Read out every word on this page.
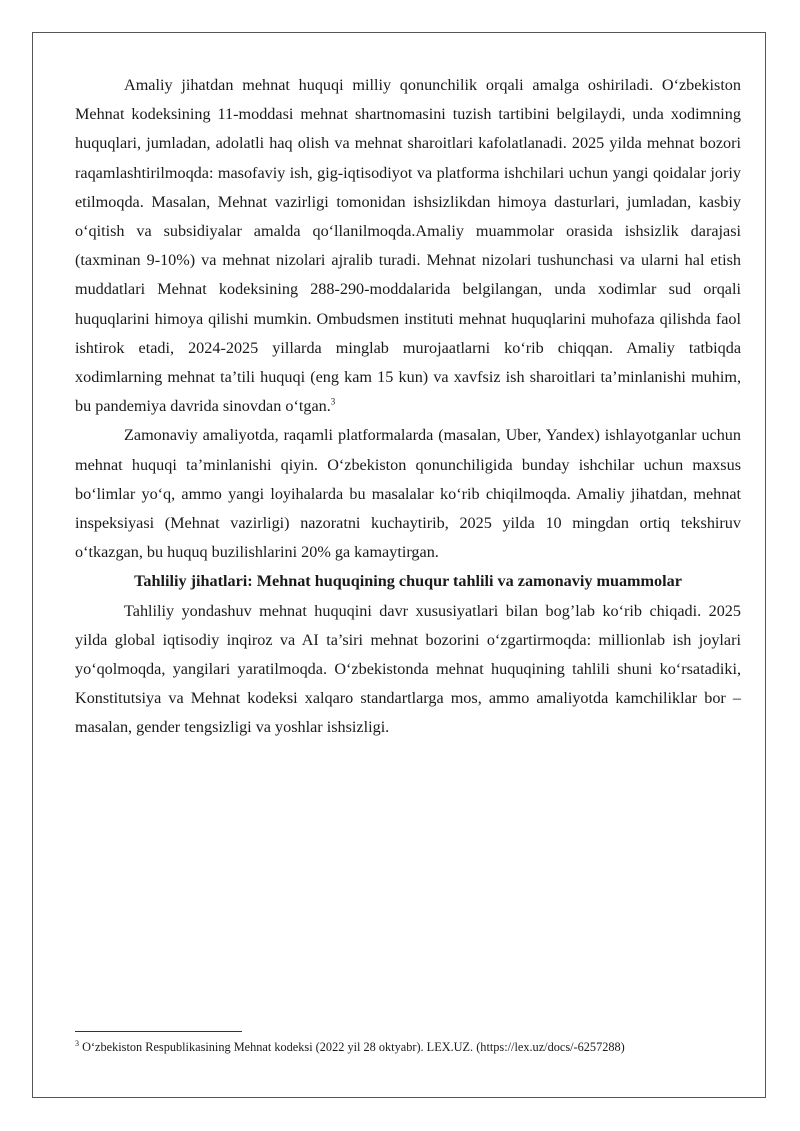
Amaliy jihatdan mehnat huquqi milliy qonunchilik orqali amalga oshiriladi. O‘zbekiston Mehnat kodeksining 11-moddasi mehnat shartnomasini tuzish tartibini belgilaydi, unda xodimning huquqlari, jumladan, adolatli haq olish va mehnat sharoitlari kafolatlanadi. 2025 yilda mehnat bozori raqamlashtirilmoqda: masofaviy ish, gig-iqtisodiyot va platforma ishchilari uchun yangi qoidalar joriy etilmoqda. Masalan, Mehnat vazirligi tomonidan ishsizlikdan himoya dasturlari, jumladan, kasbiy o‘qitish va subsidiyalar amalda qo‘llanilmoqda.Amaliy muammolar orasida ishsizlik darajasi (taxminan 9-10%) va mehnat nizolari ajralib turadi. Mehnat nizolari tushunchasi va ularni hal etish muddatlari Mehnat kodeksining 288-290-moddalarida belgilangan, unda xodimlar sud orqali huquqlarini himoya qilishi mumkin. Ombudsmen instituti mehnat huquqlarini muhofaza qilishda faol ishtirok etadi, 2024-2025 yillarda minglab murojaatlarni ko‘rib chiqqan. Amaliy tatbiqda xodimlarning mehnat ta’tili huquqi (eng kam 15 kun) va xavfsiz ish sharoitlari ta’minlanishi muhim, bu pandemiya davrida sinovdan o‘tgan.$^3$

Zamonaviy amaliyotda, raqamli platformalarda (masalan, Uber, Yandex) ishlayotganlar uchun mehnat huquqi ta’minlanishi qiyin. O‘zbekiston qonunchiligida bunday ishchilar uchun maxsus bo‘limlar yo‘q, ammo yangi loyihalarda bu masalalar ko‘rib chiqilmoqda. Amaliy jihatdan, mehnat inspeksiyasi (Mehnat vazirligi) nazoratni kuchaytirib, 2025 yilda 10 mingdan ortiq tekshiruv o‘tkazgan, bu huquq buzilishlarini 20% ga kamaytirgan.

Tahliliy jihatlari: Mehnat huquqining chuqur tahlili va zamonaviy muammolar

Tahliliy yondashuv mehnat huquqini davr xususiyatlari bilan bog’lab ko‘rib chiqadi. 2025 yilda global iqtisodiy inqiroz va AI ta’siri mehnat bozorini o‘zgartirmoqda: millionlab ish joylari yo‘qolmoqda, yangilari yaratilmoqda. O‘zbekistonda mehnat huquqining tahlili shuni ko‘rsatadiki, Konstitutsiya va Mehnat kodeksi xalqaro standartlarga mos, ammo amaliyotda kamchiliklar bor – masalan, gender tengsizligi va yoshlar ishsizligi.

$^3$ O‘zbekiston Respublikasining Mehnat kodeksi (2022 yil 28 oktyabr). LEX.UZ. (https://lex.uz/docs/-6257288)
